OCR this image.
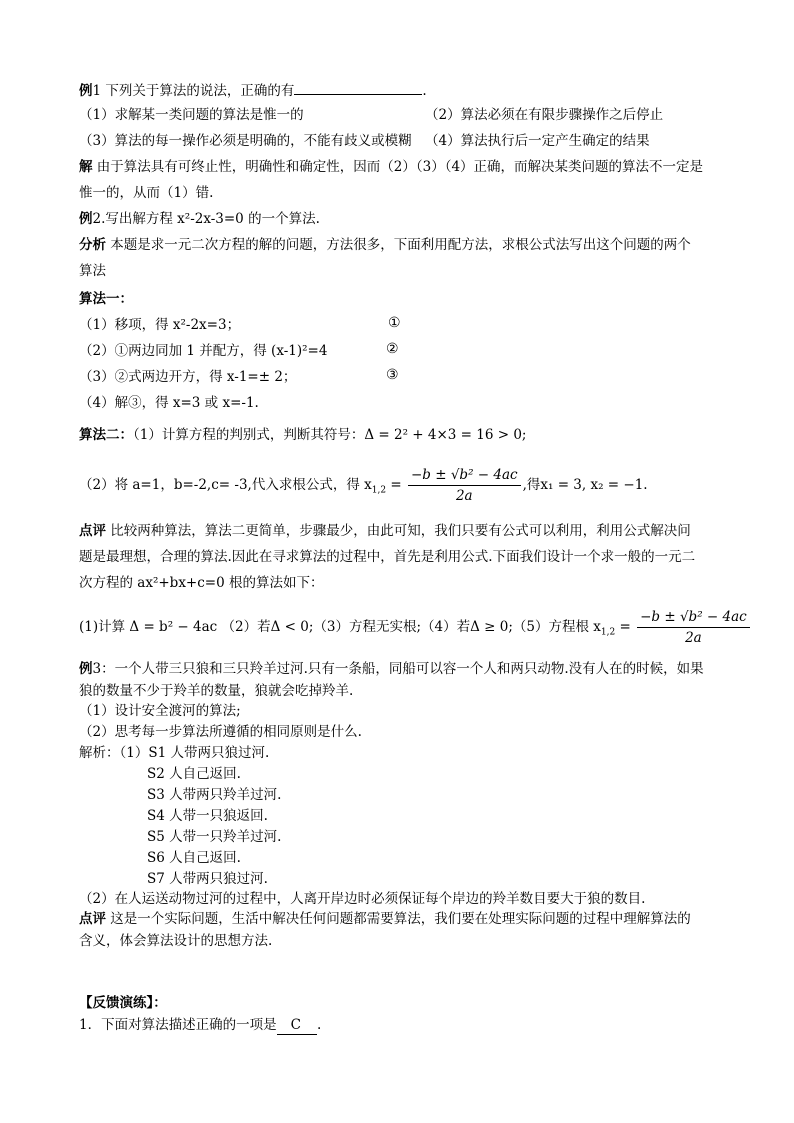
例1 下列关于算法的说法，正确的有	.
（1）求解某一类问题的算法是惟一的	（2）算法必须在有限步骤操作之后停止
（3）算法的每一操作必须是明确的，不能有歧义或模糊 （4）算法执行后一定产生确定的结果
解 由于算法具有可终止性，明确性和确定性，因而（2）（3）（4）正确，而解决某类问题的算法不一定是
惟一的，从而（1）错.
例2.写出解方程 x²-2x-3=0 的一个算法.
分析 本题是求一元二次方程的解的问题，方法很多，下面利用配方法，求根公式法写出这个问题的两个
算法
算法一：
（1）移项，得 x²-2x=3；	①
（2）①两边同加 1 并配方，得 (x-1)²=4	②
（3）②式两边开方，得 x-1=± 2；	③
（4）解③，得 x=3 或 x=-1.
算法二：（1）计算方程的判别式，判断其符号：Δ = 2² + 4×3 = 16 > 0;
（2）将 a=1，b=-2,c= -3,代入求根公式，得 $x_{1,2} = \frac{\text{−b ± √b² − 4ac}}{2a}$ ,得x₁ = 3, x₂ = −1.
点评 比较两种算法，算法二更简单，步骤最少，由此可知，我们只要有公式可以利用，利用公式解决问
题是最理想，合理的算法.因此在寻求算法的过程中，首先是利用公式.下面我们设计一个求一般的一元二
次方程的 ax²+bx+c=0 根的算法如下：
(1)计算 Δ = b² − 4ac （2）若Δ < 0;（3）方程无实根;（4）若Δ ≥ 0;（5）方程根 $x_{1,2} = \frac{\text{−b ± √b² − 4ac}}{2a}$
例3：一个人带三只狼和三只羚羊过河.只有一条船，同船可以容一个人和两只动物.没有人在的时候，如果
狼的数量不少于羚羊的数量，狼就会吃掉羚羊.
（1）设计安全渡河的算法;
（2）思考每一步算法所遵循的相同原则是什么.
解析：（1）S1 人带两只狼过河.
S2 人自己返回.
S3 人带两只羚羊过河.
S4 人带一只狼返回.
S5 人带一只羚羊过河.
S6 人自己返回.
S7 人带两只狼过河.
（2）在人运送动物过河的过程中，人离开岸边时必须保证每个岸边的羚羊数目要大于狼的数目.
点评 这是一个实际问题，生活中解决任何问题都需要算法，我们要在处理实际问题的过程中理解算法的
含义，体会算法设计的思想方法.
【反馈演练】：
1．下面对算法描述正确的一项是 C .
